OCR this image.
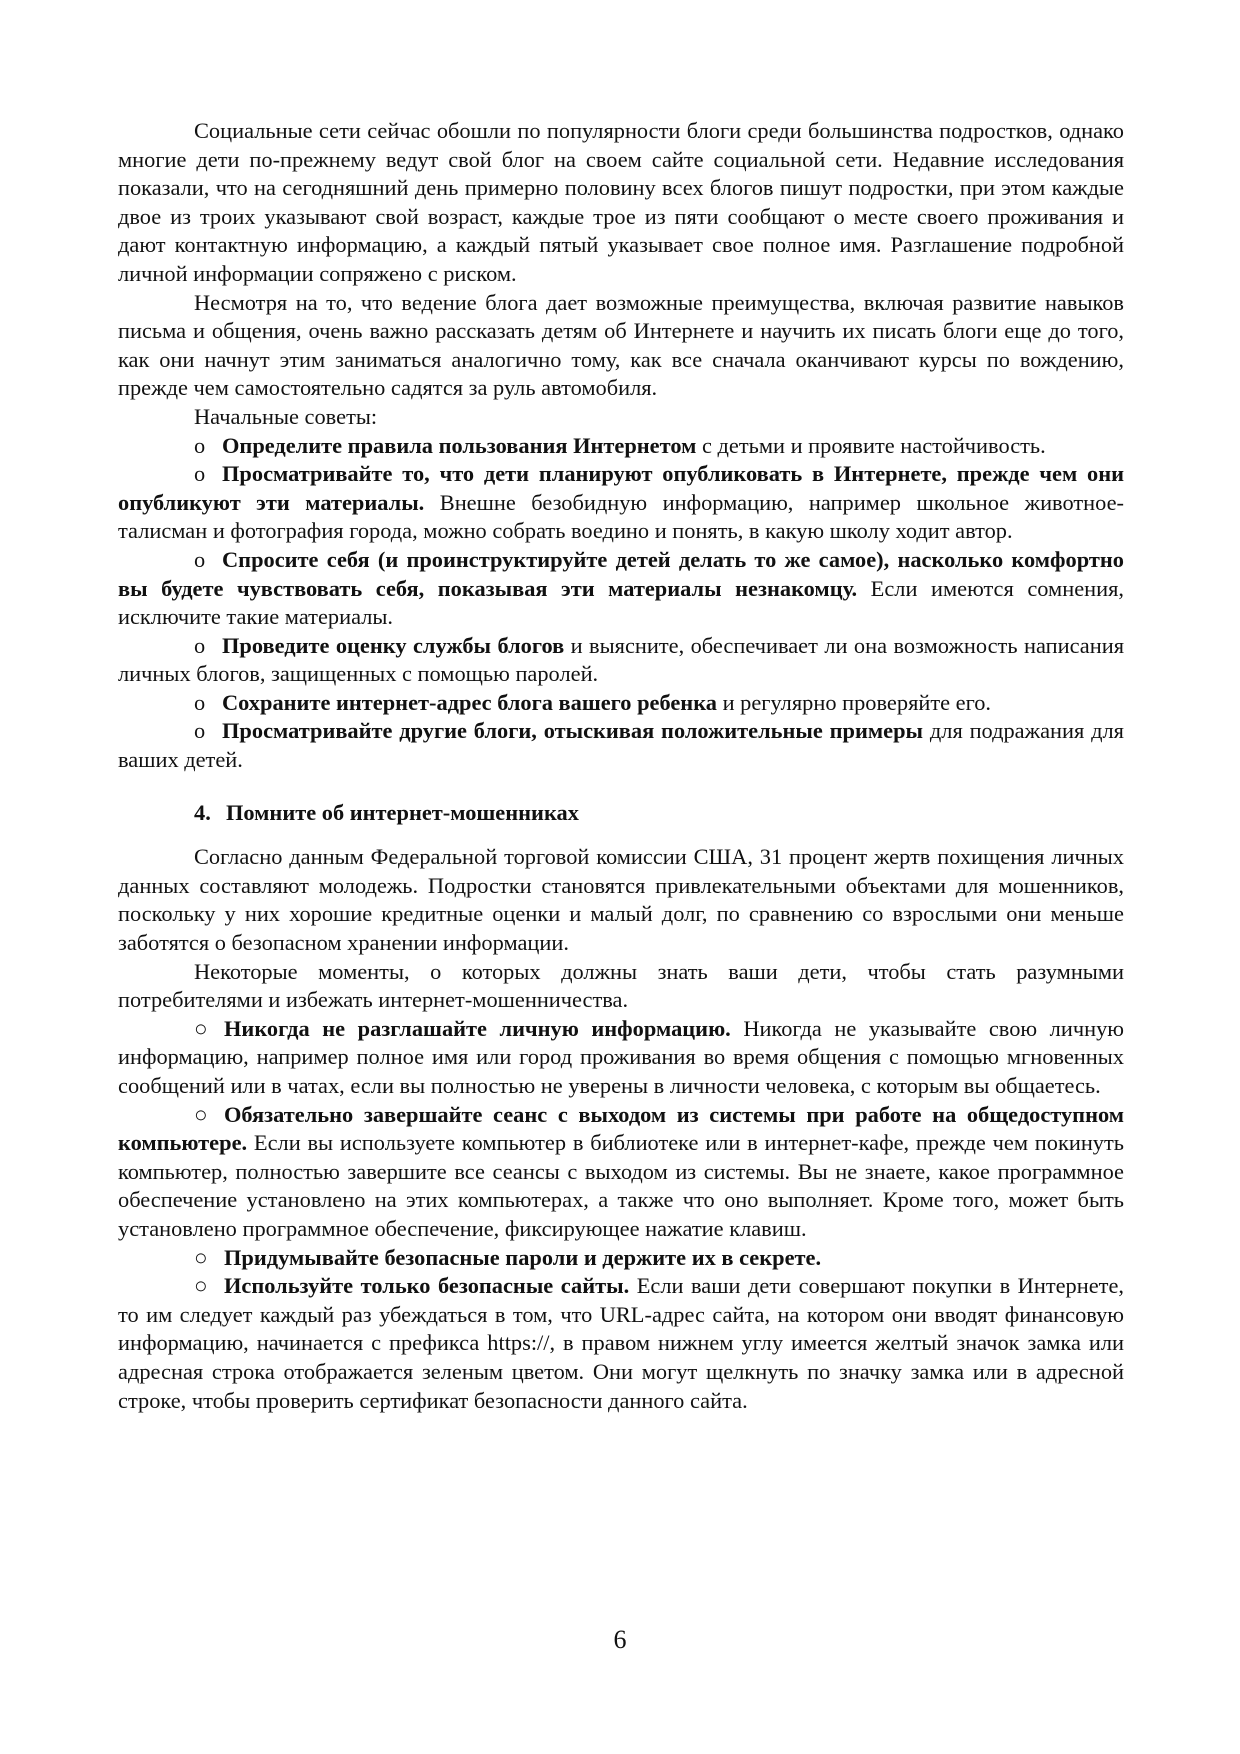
Социальные сети сейчас обошли по популярности блоги среди большинства подростков, однако многие дети по-прежнему ведут свой блог на своем сайте социальной сети. Недавние исследования показали, что на сегодняшний день примерно половину всех блогов пишут подростки, при этом каждые двое из троих указывают свой возраст, каждые трое из пяти сообщают о месте своего проживания и дают контактную информацию, а каждый пятый указывает свое полное имя. Разглашение подробной личной информации сопряжено с риском.

Несмотря на то, что ведение блога дает возможные преимущества, включая развитие навыков письма и общения, очень важно рассказать детям об Интернете и научить их писать блоги еще до того, как они начнут этим заниматься аналогично тому, как все сначала оканчивают курсы по вождению, прежде чем самостоятельно садятся за руль автомобиля.

Начальные советы:

o Определите правила пользования Интернетом с детьми и проявите настойчивость.

o Просматривайте то, что дети планируют опубликовать в Интернете, прежде чем они опубликуют эти материалы. Внешне безобидную информацию, например школьное животное-талисман и фотография города, можно собрать воедино и понять, в какую школу ходит автор.

o Спросите себя (и проинструктируйте детей делать то же самое), насколько комфортно вы будете чувствовать себя, показывая эти материалы незнакомцу. Если имеются сомнения, исключите такие материалы.

o Проведите оценку службы блогов и выясните, обеспечивает ли она возможность написания личных блогов, защищенных с помощью паролей.

o Сохраните интернет-адрес блога вашего ребенка и регулярно проверяйте его.

o Просматривайте другие блоги, отыскивая положительные примеры для подражания для ваших детей.

4. Помните об интернет-мошенниках

Согласно данным Федеральной торговой комиссии США, 31 процент жертв похищения личных данных составляют молодежь. Подростки становятся привлекательными объектами для мошенников, поскольку у них хорошие кредитные оценки и малый долг, по сравнению со взрослыми они меньше заботятся о безопасном хранении информации.

Некоторые моменты, о которых должны знать ваши дети, чтобы стать разумными потребителями и избежать интернет-мошенничества.

○ Никогда не разглашайте личную информацию. Никогда не указывайте свою личную информацию, например полное имя или город проживания во время общения с помощью мгновенных сообщений или в чатах, если вы полностью не уверены в личности человека, с которым вы общаетесь.

○ Обязательно завершайте сеанс с выходом из системы при работе на общедоступном компьютере. Если вы используете компьютер в библиотеке или в интернет-кафе, прежде чем покинуть компьютер, полностью завершите все сеансы с выходом из системы. Вы не знаете, какое программное обеспечение установлено на этих компьютерах, а также что оно выполняет. Кроме того, может быть установлено программное обеспечение, фиксирующее нажатие клавиш.

○ Придумывайте безопасные пароли и держите их в секрете.

○ Используйте только безопасные сайты. Если ваши дети совершают покупки в Интернете, то им следует каждый раз убеждаться в том, что URL-адрес сайта, на котором они вводят финансовую информацию, начинается с префикса https://, в правом нижнем углу имеется желтый значок замка или адресная строка отображается зеленым цветом. Они могут щелкнуть по значку замка или в адресной строке, чтобы проверить сертификат безопасности данного сайта.

6
